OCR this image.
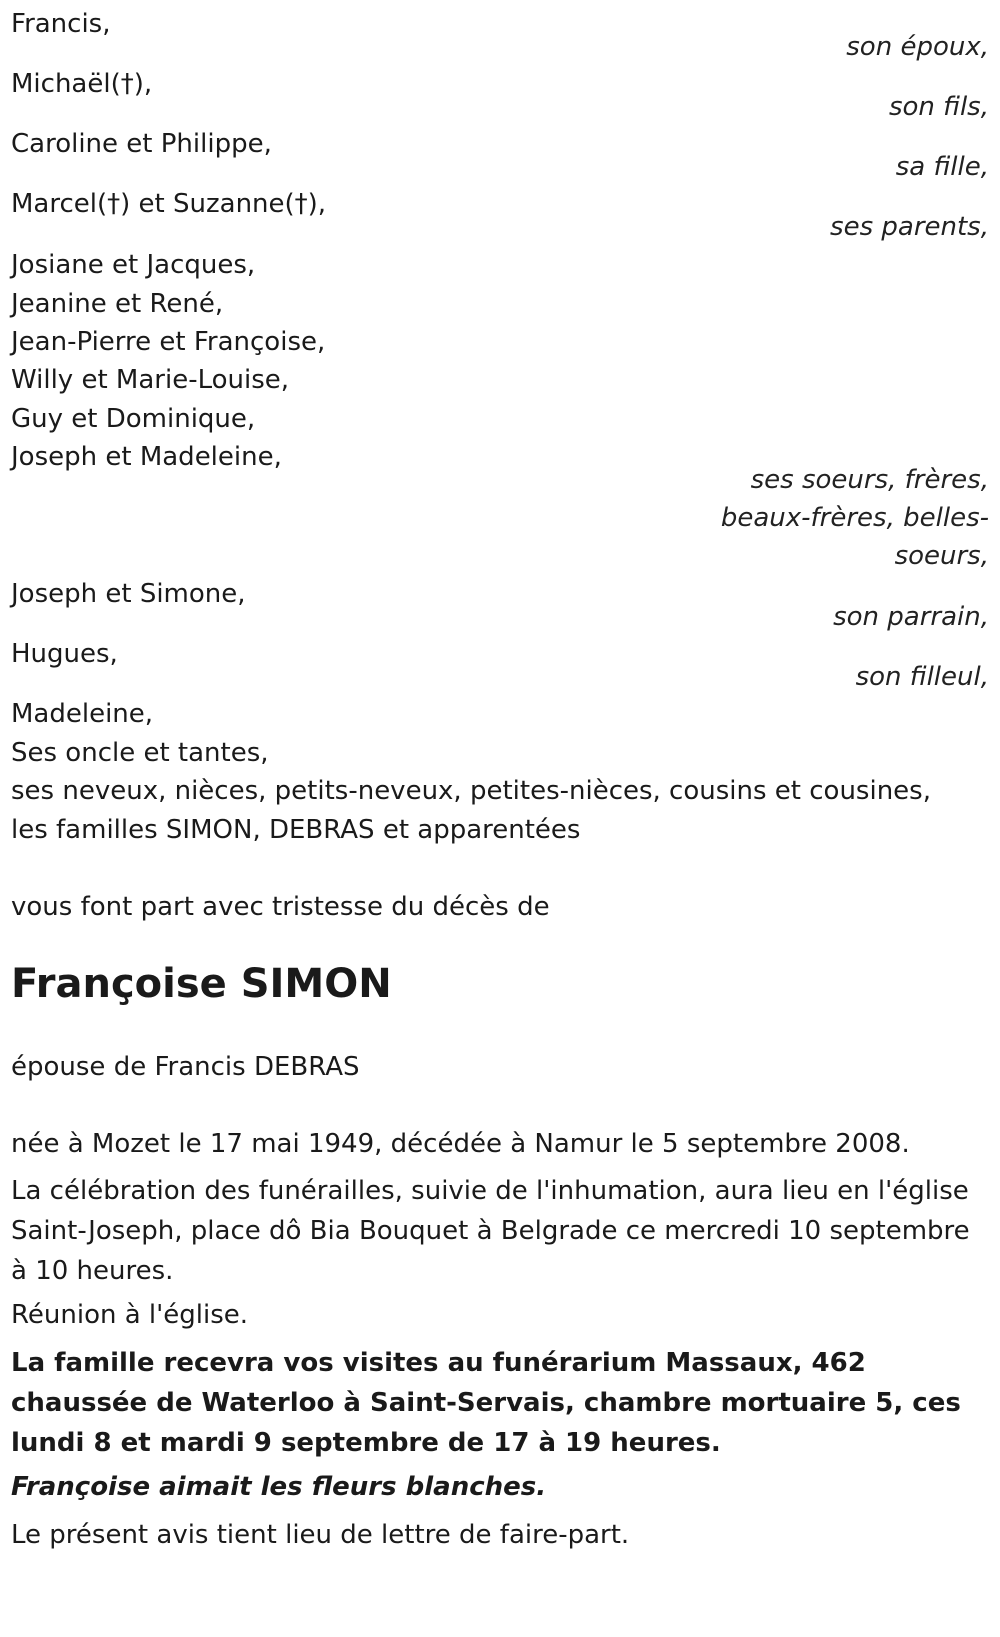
Francis,
son époux,
Michaël(†),
son fils,
Caroline et Philippe,
sa fille,
Marcel(†) et Suzanne(†),
ses parents,
Josiane et Jacques,
Jeanine et René,
Jean-Pierre et Françoise,
Willy et Marie-Louise,
Guy et Dominique,
Joseph et Madeleine,
ses soeurs, frères,
beaux-frères, belles-
soeurs,
Joseph et Simone,
son parrain,
Hugues,
son filleul,
Madeleine,
Ses oncle et tantes,
ses neveux, nièces, petits-neveux, petites-nièces, cousins et cousines,
les familles SIMON, DEBRAS et apparentées
vous font part avec tristesse du décès de
Françoise SIMON
épouse de Francis DEBRAS
née à Mozet le 17 mai 1949, décédée à Namur le 5 septembre 2008.
La célébration des funérailles, suivie de l'inhumation, aura lieu en l'église Saint-Joseph, place dô Bia Bouquet à Belgrade ce mercredi 10 septembre à 10 heures.
Réunion à l'église.
La famille recevra vos visites au funérarium Massaux, 462 chaussée de Waterloo à Saint-Servais, chambre mortuaire 5, ces lundi 8 et mardi 9 septembre de 17 à 19 heures.
Françoise aimait les fleurs blanches.
Le présent avis tient lieu de lettre de faire-part.
